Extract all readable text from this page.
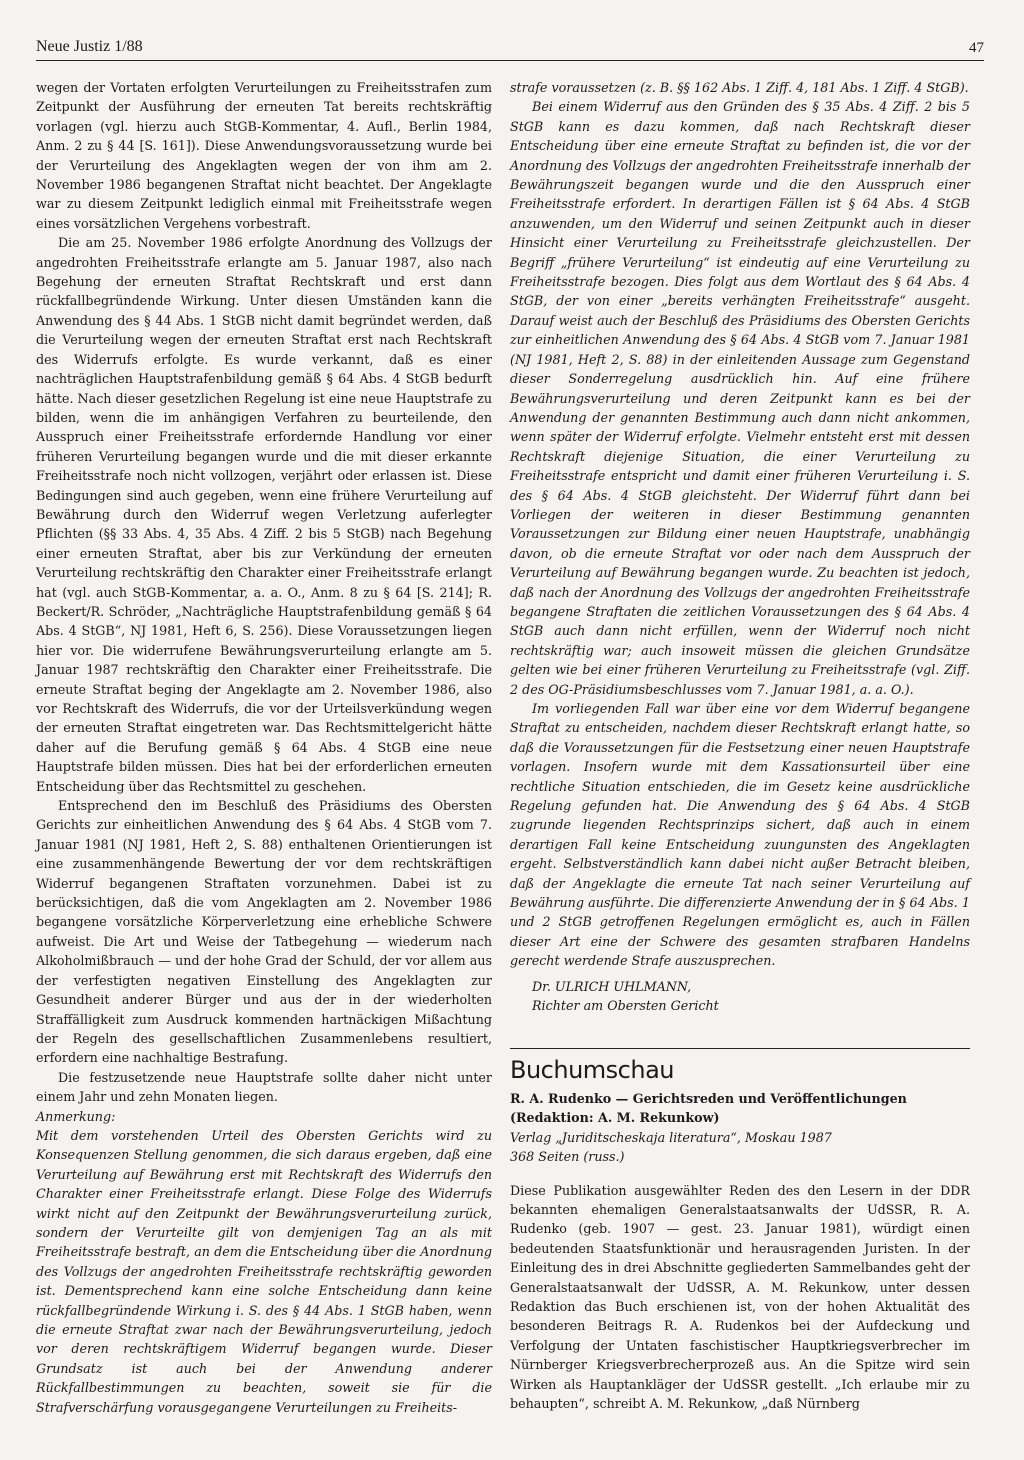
Neue Justiz 1/88	47

wegen der Vortaten erfolgten Verurteilungen zu Freiheitsstrafen zum Zeitpunkt der Ausführung der erneuten Tat bereits rechtskräftig vorlagen (vgl. hierzu auch StGB-Kommentar, 4. Aufl., Berlin 1984, Anm. 2 zu § 44 [S. 161]). Diese Anwendungsvoraussetzung wurde bei der Verurteilung des Angeklagten wegen der von ihm am 2. November 1986 begangenen Straftat nicht beachtet. Der Angeklagte war zu diesem Zeitpunkt lediglich einmal mit Freiheitsstrafe wegen eines vorsätzlichen Vergehens vorbestraft.

Die am 25. November 1986 erfolgte Anordnung des Vollzugs der angedrohten Freiheitsstrafe erlangte am 5. Januar 1987, also nach Begehung der erneuten Straftat Rechtskraft und erst dann rückfallbegründende Wirkung. Unter diesen Umständen kann die Anwendung des § 44 Abs. 1 StGB nicht damit begründet werden, daß die Verurteilung wegen der erneuten Straftat erst nach Rechtskraft des Widerrufs erfolgte. Es wurde verkannt, daß es einer nachträglichen Hauptstrafenbildung gemäß § 64 Abs. 4 StGB bedurft hätte. Nach dieser gesetzlichen Regelung ist eine neue Hauptstrafe zu bilden, wenn die im anhängigen Verfahren zu beurteilende, den Ausspruch einer Freiheitsstrafe erfordernde Handlung vor einer früheren Verurteilung begangen wurde und die mit dieser erkannte Freiheitsstrafe noch nicht vollzogen, verjährt oder erlassen ist. Diese Bedingungen sind auch gegeben, wenn eine frühere Verurteilung auf Bewährung durch den Widerruf wegen Verletzung auferlegter Pflichten (§§ 33 Abs. 4, 35 Abs. 4 Ziff. 2 bis 5 StGB) nach Begehung einer erneuten Straftat, aber bis zur Verkündung der erneuten Verurteilung rechtskräftig den Charakter einer Freiheitsstrafe erlangt hat (vgl. auch StGB-Kommentar, a. a. O., Anm. 8 zu § 64 [S. 214]; R. Beckert/R. Schröder, „Nachträgliche Hauptstrafenbildung gemäß § 64 Abs. 4 StGB“, NJ 1981, Heft 6, S. 256). Diese Voraussetzungen liegen hier vor. Die widerrufene Bewährungsverurteilung erlangte am 5. Januar 1987 rechtskräftig den Charakter einer Freiheitsstrafe. Die erneute Straftat beging der Angeklagte am 2. November 1986, also vor Rechtskraft des Widerrufs, die vor der Urteilsverkündung wegen der erneuten Straftat eingetreten war. Das Rechtsmittelgericht hätte daher auf die Berufung gemäß § 64 Abs. 4 StGB eine neue Hauptstrafe bilden müssen. Dies hat bei der erforderlichen erneuten Entscheidung über das Rechtsmittel zu geschehen.

Entsprechend den im Beschluß des Präsidiums des Obersten Gerichts zur einheitlichen Anwendung des § 64 Abs. 4 StGB vom 7. Januar 1981 (NJ 1981, Heft 2, S. 88) enthaltenen Orientierungen ist eine zusammenhängende Bewertung der vor dem rechtskräftigen Widerruf begangenen Straftaten vorzunehmen. Dabei ist zu berücksichtigen, daß die vom Angeklagten am 2. November 1986 begangene vorsätzliche Körperverletzung eine erhebliche Schwere aufweist. Die Art und Weise der Tatbegehung — wiederum nach Alkoholmißbrauch — und der hohe Grad der Schuld, der vor allem aus der verfestigten negativen Einstellung des Angeklagten zur Gesundheit anderer Bürger und aus der in der wiederholten Straffälligkeit zum Ausdruck kommenden hartnäckigen Mißachtung der Regeln des gesellschaftlichen Zusammenlebens resultiert, erfordern eine nachhaltige Bestrafung.

Die festzusetzende neue Hauptstrafe sollte daher nicht unter einem Jahr und zehn Monaten liegen.

Anmerkung:

Mit dem vorstehenden Urteil des Obersten Gerichts wird zu Konsequenzen Stellung genommen, die sich daraus ergeben, daß eine Verurteilung auf Bewährung erst mit Rechtskraft des Widerrufs den Charakter einer Freiheitsstrafe erlangt. Diese Folge des Widerrufs wirkt nicht auf den Zeitpunkt der Bewährungsverurteilung zurück, sondern der Verurteilte gilt von demjenigen Tag an als mit Freiheitsstrafe bestraft, an dem die Entscheidung über die Anordnung des Vollzugs der angedrohten Freiheitsstrafe rechtskräftig geworden ist. Dementsprechend kann eine solche Entscheidung dann keine rückfallbegründende Wirkung i. S. des § 44 Abs. 1 StGB haben, wenn die erneute Straftat zwar nach der Bewährungsverurteilung, jedoch vor deren rechtskräftigem Widerruf begangen wurde. Dieser Grundsatz ist auch bei der Anwendung anderer Rückfallbestimmungen zu beachten, soweit sie für die Strafverschärfung vorausgegangene Verurteilungen zu Freiheits-

strafe voraussetzen (z. B. §§ 162 Abs. 1 Ziff. 4, 181 Abs. 1 Ziff. 4 StGB).

Bei einem Widerruf aus den Gründen des § 35 Abs. 4 Ziff. 2 bis 5 StGB kann es dazu kommen, daß nach Rechtskraft dieser Entscheidung über eine erneute Straftat zu befinden ist, die vor der Anordnung des Vollzugs der angedrohten Freiheitsstrafe innerhalb der Bewährungszeit begangen wurde und die den Ausspruch einer Freiheitsstrafe erfordert. In derartigen Fällen ist § 64 Abs. 4 StGB anzuwenden, um den Widerruf und seinen Zeitpunkt auch in dieser Hinsicht einer Verurteilung zu Freiheitsstrafe gleichzustellen. Der Begriff „frühere Verurteilung“ ist eindeutig auf eine Verurteilung zu Freiheitsstrafe bezogen. Dies folgt aus dem Wortlaut des § 64 Abs. 4 StGB, der von einer „bereits verhängten Freiheitsstrafe“ ausgeht. Darauf weist auch der Beschluß des Präsidiums des Obersten Gerichts zur einheitlichen Anwendung des § 64 Abs. 4 StGB vom 7. Januar 1981 (NJ 1981, Heft 2, S. 88) in der einleitenden Aussage zum Gegenstand dieser Sonderregelung ausdrücklich hin. Auf eine frühere Bewährungsverurteilung und deren Zeitpunkt kann es bei der Anwendung der genannten Bestimmung auch dann nicht ankommen, wenn später der Widerruf erfolgte. Vielmehr entsteht erst mit dessen Rechtskraft diejenige Situation, die einer Verurteilung zu Freiheitsstrafe entspricht und damit einer früheren Verurteilung i. S. des § 64 Abs. 4 StGB gleichsteht. Der Widerruf führt dann bei Vorliegen der weiteren in dieser Bestimmung genannten Voraussetzungen zur Bildung einer neuen Hauptstrafe, unabhängig davon, ob die erneute Straftat vor oder nach dem Ausspruch der Verurteilung auf Bewährung begangen wurde. Zu beachten ist jedoch, daß nach der Anordnung des Vollzugs der angedrohten Freiheitsstrafe begangene Straftaten die zeitlichen Voraussetzungen des § 64 Abs. 4 StGB auch dann nicht erfüllen, wenn der Widerruf noch nicht rechtskräftig war; auch insoweit müssen die gleichen Grundsätze gelten wie bei einer früheren Verurteilung zu Freiheitsstrafe (vgl. Ziff. 2 des OG-Präsidiumsbeschlusses vom 7. Januar 1981, a. a. O.).

Im vorliegenden Fall war über eine vor dem Widerruf begangene Straftat zu entscheiden, nachdem dieser Rechtskraft erlangt hatte, so daß die Voraussetzungen für die Festsetzung einer neuen Hauptstrafe vorlagen. Insofern wurde mit dem Kassationsurteil über eine rechtliche Situation entschieden, die im Gesetz keine ausdrückliche Regelung gefunden hat. Die Anwendung des § 64 Abs. 4 StGB zugrunde liegenden Rechtsprinzips sichert, daß auch in einem derartigen Fall keine Entscheidung zuungunsten des Angeklagten ergeht. Selbstverständlich kann dabei nicht außer Betracht bleiben, daß der Angeklagte die erneute Tat nach seiner Verurteilung auf Bewährung ausführte. Die differenzierte Anwendung der in § 64 Abs. 1 und 2 StGB getroffenen Regelungen ermöglicht es, auch in Fällen dieser Art eine der Schwere des gesamten strafbaren Handelns gerecht werdende Strafe auszusprechen.

Dr. ULRICH UHLMANN,

Richter am Obersten Gericht

Buchumschau
R. A. Rudenko — Gerichtsreden und Veröffentlichungen
(Redaktion: A. M. Rekunkow)
Verlag „Juriditscheskaja literatura“, Moskau 1987
368 Seiten (russ.)

Diese Publikation ausgewählter Reden des den Lesern in der DDR bekannten ehemaligen Generalstaatsanwalts der UdSSR, R. A. Rudenko (geb. 1907 — gest. 23. Januar 1981), würdigt einen bedeutenden Staatsfunktionär und herausragenden Juristen. In der Einleitung des in drei Abschnitte gegliederten Sammelbandes geht der Generalstaatsanwalt der UdSSR, A. M. Rekunkow, unter dessen Redaktion das Buch erschienen ist, von der hohen Aktualität des besonderen Beitrags R. A. Rudenkos bei der Aufdeckung und Verfolgung der Untaten faschistischer Hauptkriegsverbrecher im Nürnberger Kriegsverbrecherprozeß aus. An die Spitze wird sein Wirken als Hauptankläger der UdSSR gestellt. „Ich erlaube mir zu behaupten“, schreibt A. M. Rekunkow, „daß Nürnberg
